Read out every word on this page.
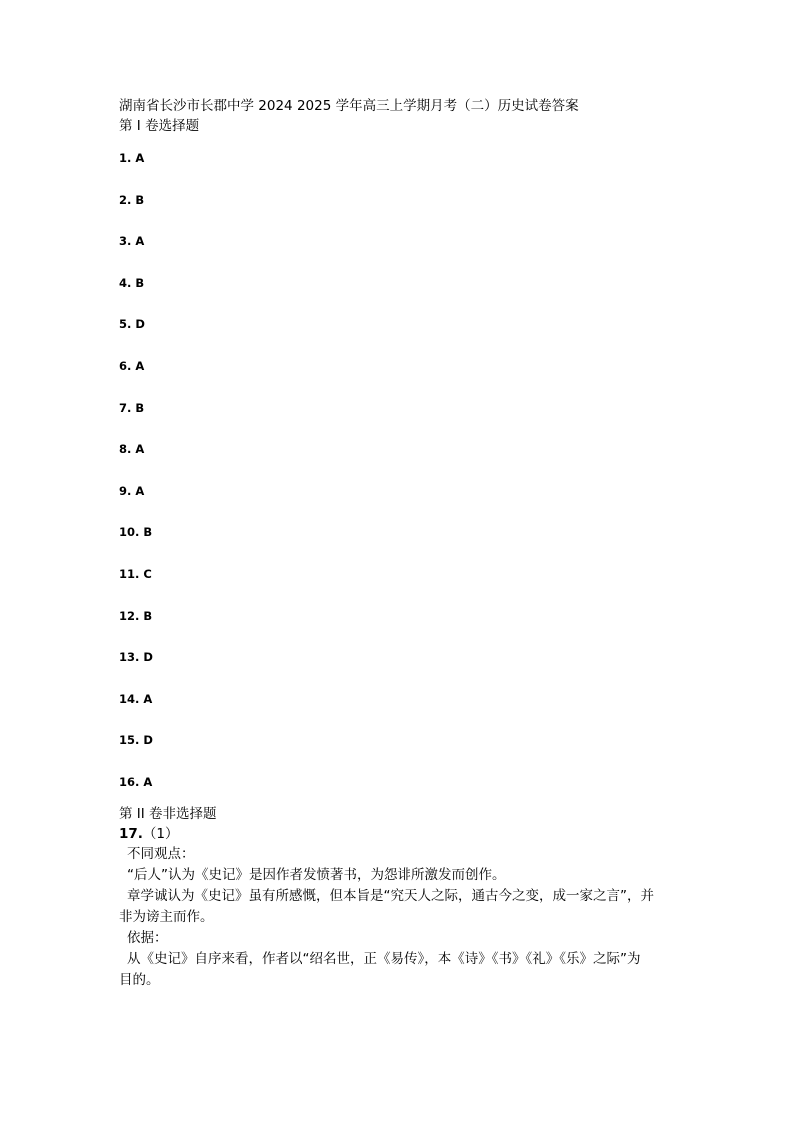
湖南省长沙市长郡中学 2024 2025 学年高三上学期月考（二）历史试卷答案
第 I 卷选择题
1. A
2. B
3. A
4. B
5. D
6. A
7. B
8. A
9. A
10. B
11. C
12. B
13. D
14. A
15. D
16. A
第 II 卷非选择题
17.（1）
不同观点：
“后人”认为《史记》是因作者发愤著书，为怨诽所激发而创作。
章学诚认为《史记》虽有所感慨，但本旨是“究天人之际，通古今之变，成一家之言”，并
非为谤主而作。
依据：
从《史记》自序来看，作者以“绍名世，正《易传》，本《诗》《书》《礼》《乐》之际”为
目的。
